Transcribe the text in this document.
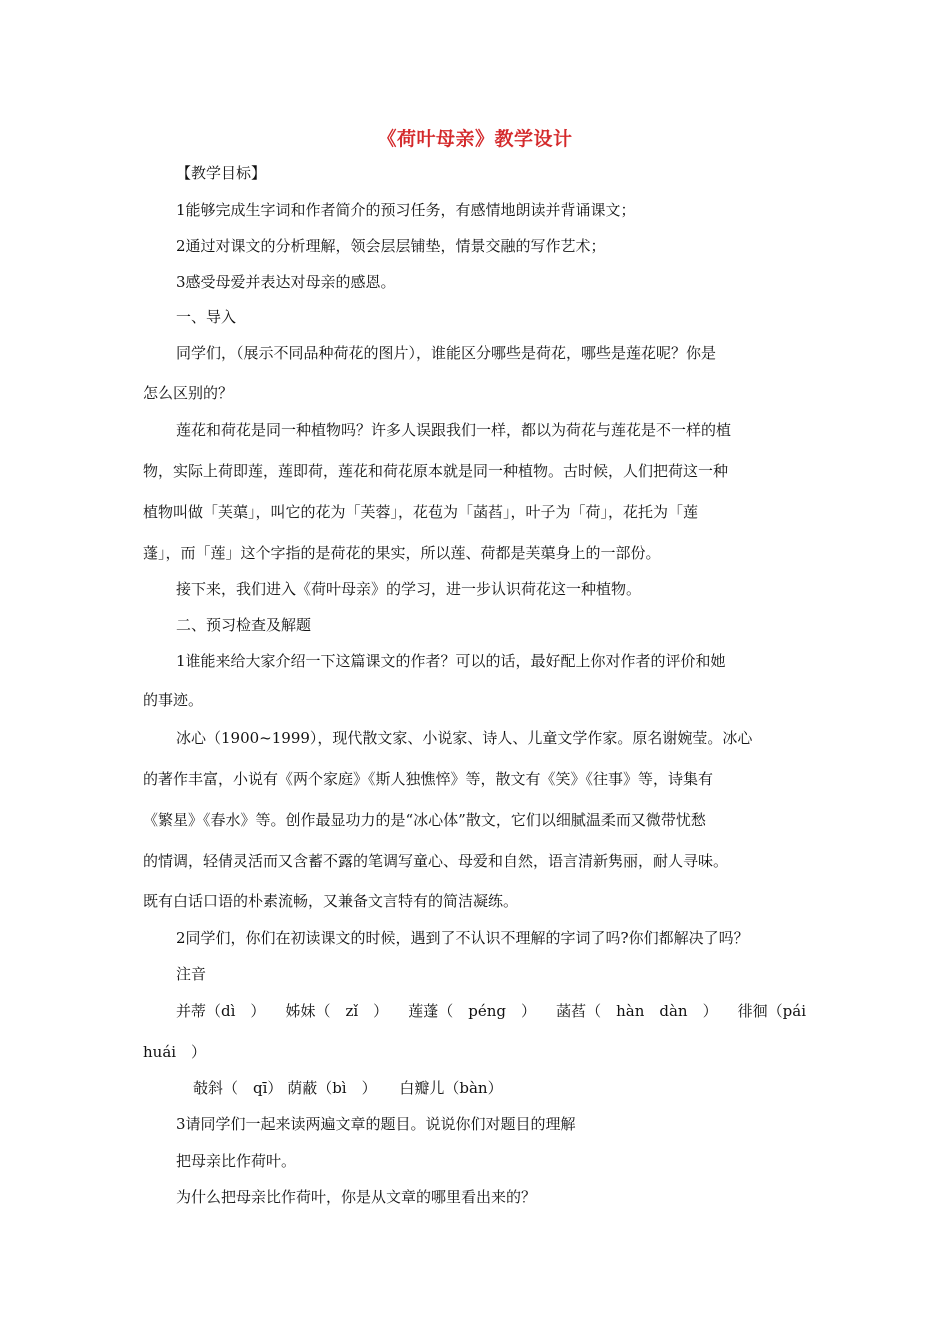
《荷叶母亲》教学设计
【教学目标】
1能够完成生字词和作者简介的预习任务，有感情地朗读并背诵课文；
2通过对课文的分析理解，领会层层铺垫，情景交融的写作艺术；
3感受母爱并表达对母亲的感恩。
一、导入
同学们，（展示不同品种荷花的图片），谁能区分哪些是荷花，哪些是莲花呢？你是
怎么区别的？
莲花和荷花是同一种植物吗？许多人误跟我们一样，都以为荷花与莲花是不一样的植
物，实际上荷即莲，莲即荷，莲花和荷花原本就是同一种植物。古时候，人们把荷这一种
植物叫做「芙蕖」，叫它的花为「芙蓉」，花苞为「菡萏」，叶子为「荷」，花托为「莲
蓬」，而「莲」这个字指的是荷花的果实，所以莲、荷都是芙蕖身上的一部份。
接下来，我们进入《荷叶母亲》的学习，进一步认识荷花这一种植物。
二、预习检查及解题
1谁能来给大家介绍一下这篇课文的作者？可以的话，最好配上你对作者的评价和她
的事迹。
冰心（1900~1999），现代散文家、小说家、诗人、儿童文学作家。原名谢婉莹。冰心
的著作丰富，小说有《两个家庭》《斯人独憔悴》等，散文有《笑》《往事》等，诗集有
《繁星》《春水》等。创作最显功力的是“冰心体”散文，它们以细腻温柔而又微带忧愁
的情调，轻倩灵活而又含蓄不露的笔调写童心、母爱和自然，语言清新隽丽，耐人寻味。
既有白话口语的朴素流畅，又兼备文言特有的简洁凝练。
2同学们，你们在初读课文的时候，遇到了不认识不理解的字词了吗?你们都解决了吗？
注音
并蒂（dì　） 姊妹（　zǐ　） 莲蓬（　péng　） 菡萏（　hàn　dàn　） 徘徊（pái
huái　）
攲斜（　qī） 荫蔽（bì　） 白瓣儿（bàn）
3请同学们一起来读两遍文章的题目。说说你们对题目的理解
把母亲比作荷叶。
为什么把母亲比作荷叶，你是从文章的哪里看出来的？
